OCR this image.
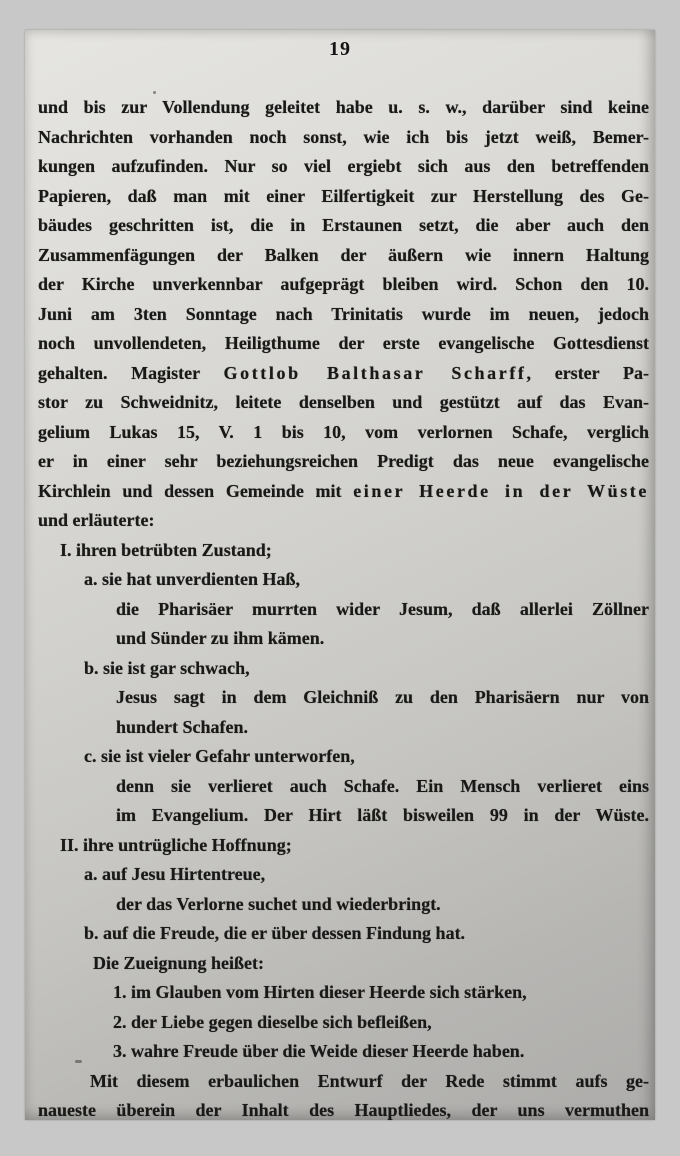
19
und bis zur Vollendung geleitet habe u. s. w., darüber sind keine
Nachrichten vorhanden noch sonst, wie ich bis jetzt weiß, Bemer-
kungen aufzufinden. Nur so viel ergiebt sich aus den betreffenden
Papieren, daß man mit einer Eilfertigkeit zur Herstellung des Ge-
bäudes geschritten ist, die in Erstaunen setzt, die aber auch den
Zusammenfägungen der Balken der äußern wie innern Haltung
der Kirche unverkennbar aufgeprägt bleiben wird. Schon den 10.
Juni am 3ten Sonntage nach Trinitatis wurde im neuen, jedoch
noch unvollendeten, Heiligthume der erste evangelische Gottesdienst
gehalten. Magister Gottlob Balthasar Scharff, erster Pa-
stor zu Schweidnitz, leitete denselben und gestützt auf das Evan-
gelium Lukas 15, V. 1 bis 10, vom verlornen Schafe, verglich
er in einer sehr beziehungsreichen Predigt das neue evangelische
Kirchlein und dessen Gemeinde mit einer Heerde in der Wüste
und erläuterte:
I. ihren betrübten Zustand;
a. sie hat unverdienten Haß,
die Pharisäer murrten wider Jesum, daß allerlei Zöllner
und Sünder zu ihm kämen.
b. sie ist gar schwach,
Jesus sagt in dem Gleichniß zu den Pharisäern nur von
hundert Schafen.
c. sie ist vieler Gefahr unterworfen,
denn sie verlieret auch Schafe. Ein Mensch verlieret eins
im Evangelium. Der Hirt läßt bisweilen 99 in der Wüste.
II. ihre untrügliche Hoffnung;
a. auf Jesu Hirtentreue,
der das Verlorne suchet und wiederbringt.
b. auf die Freude, die er über dessen Findung hat.
Die Zueignung heißet:
1. im Glauben vom Hirten dieser Heerde sich stärken,
2. der Liebe gegen dieselbe sich befleißen,
3. wahre Freude über die Weide dieser Heerde haben.
Mit diesem erbaulichen Entwurf der Rede stimmt aufs ge-
naueste überein der Inhalt des Hauptliedes, der uns vermuthen
